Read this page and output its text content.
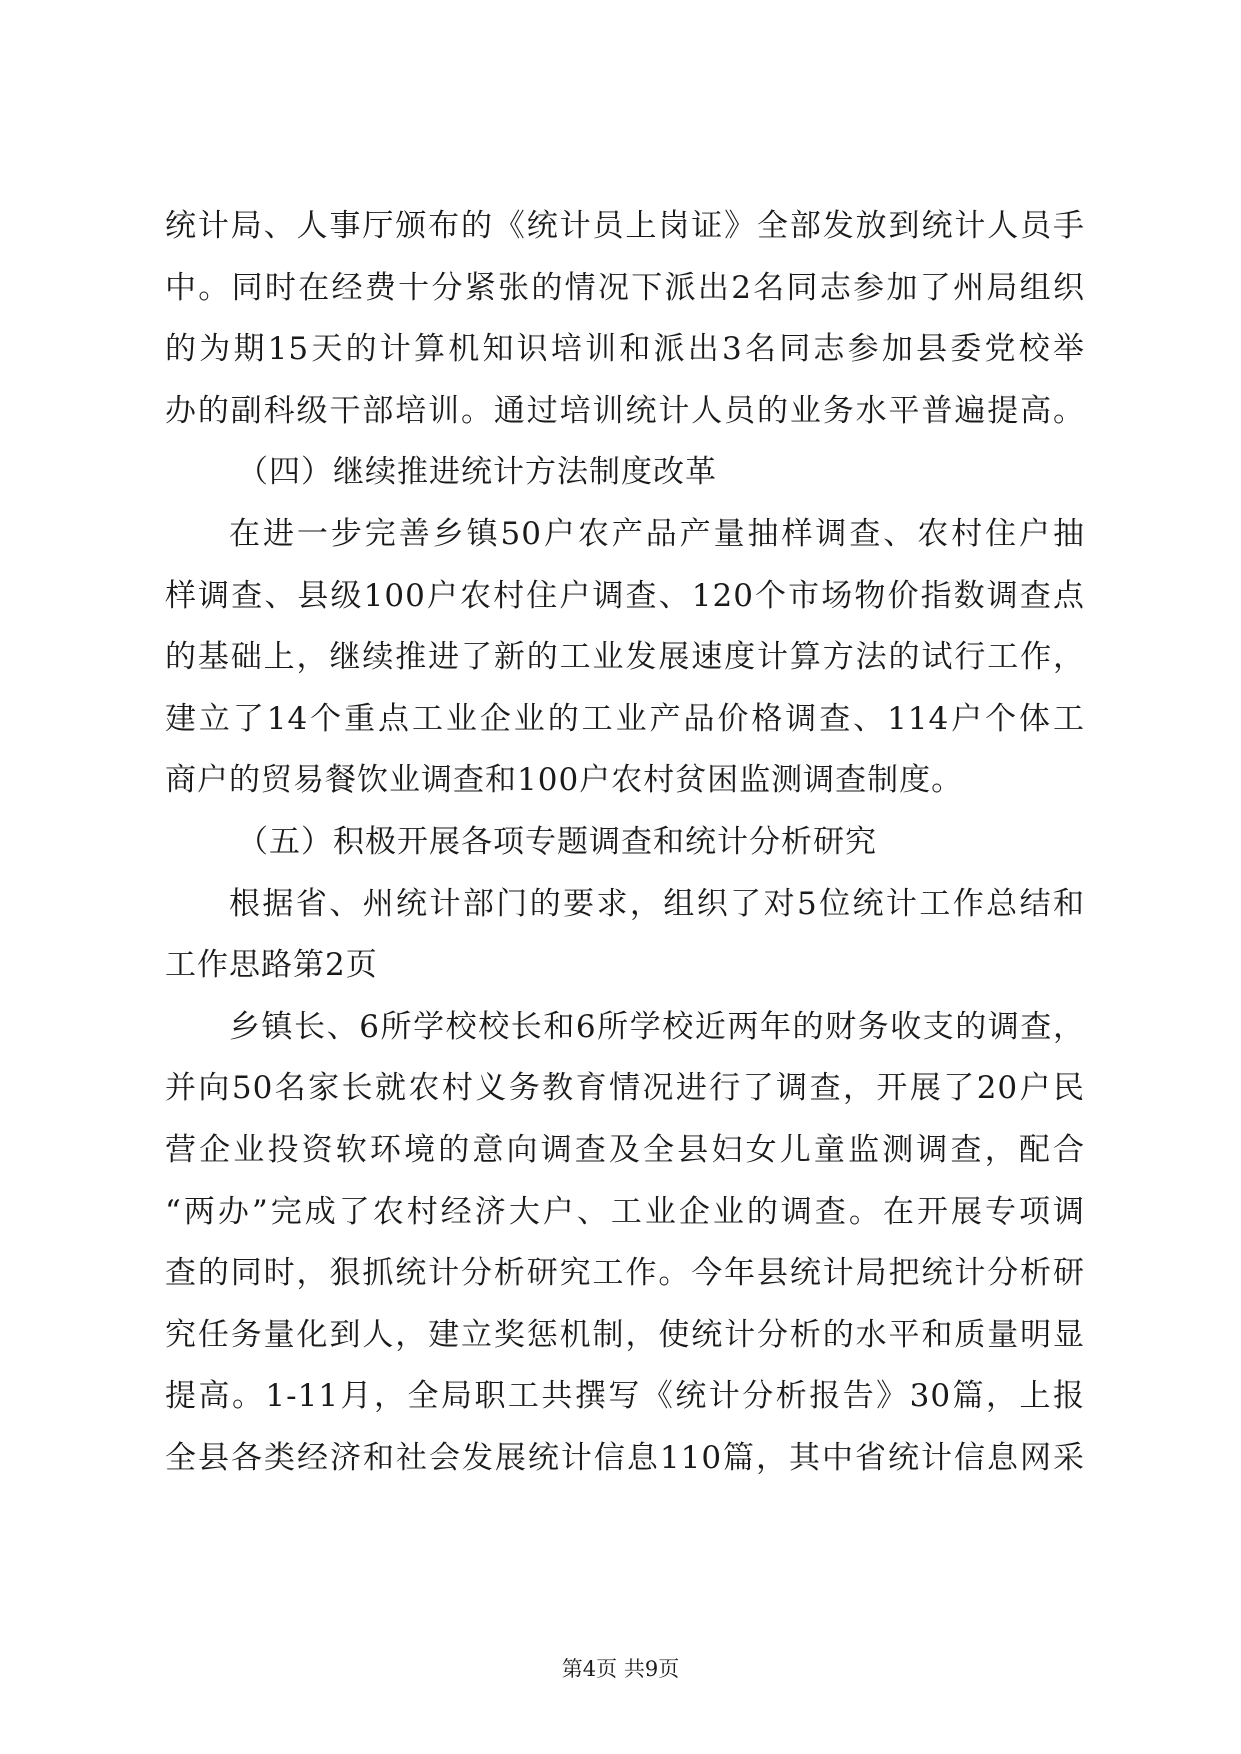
统计局、人事厅颁布的《统计员上岗证》全部发放到统计人员手
中。同时在经费十分紧张的情况下派出2名同志参加了州局组织
的为期15天的计算机知识培训和派出3名同志参加县委党校举
办的副科级干部培训。通过培训统计人员的业务水平普遍提高。
（四）继续推进统计方法制度改革
在进一步完善乡镇50户农产品产量抽样调查、农村住户抽
样调查、县级100户农村住户调查、120个市场物价指数调查点
的基础上，继续推进了新的工业发展速度计算方法的试行工作，
建立了14个重点工业企业的工业产品价格调查、114户个体工
商户的贸易餐饮业调查和100户农村贫困监测调查制度。
（五）积极开展各项专题调查和统计分析研究
根据省、州统计部门的要求，组织了对5位统计工作总结和
工作思路第2页
乡镇长、6所学校校长和6所学校近两年的财务收支的调查，
并向50名家长就农村义务教育情况进行了调查，开展了20户民
营企业投资软环境的意向调查及全县妇女儿童监测调查，配合
“两办”完成了农村经济大户、工业企业的调查。在开展专项调
查的同时，狠抓统计分析研究工作。今年县统计局把统计分析研
究任务量化到人，建立奖惩机制，使统计分析的水平和质量明显
提高。1-11月，全局职工共撰写《统计分析报告》30篇，上报
全县各类经济和社会发展统计信息110篇，其中省统计信息网采
第4页 共9页
